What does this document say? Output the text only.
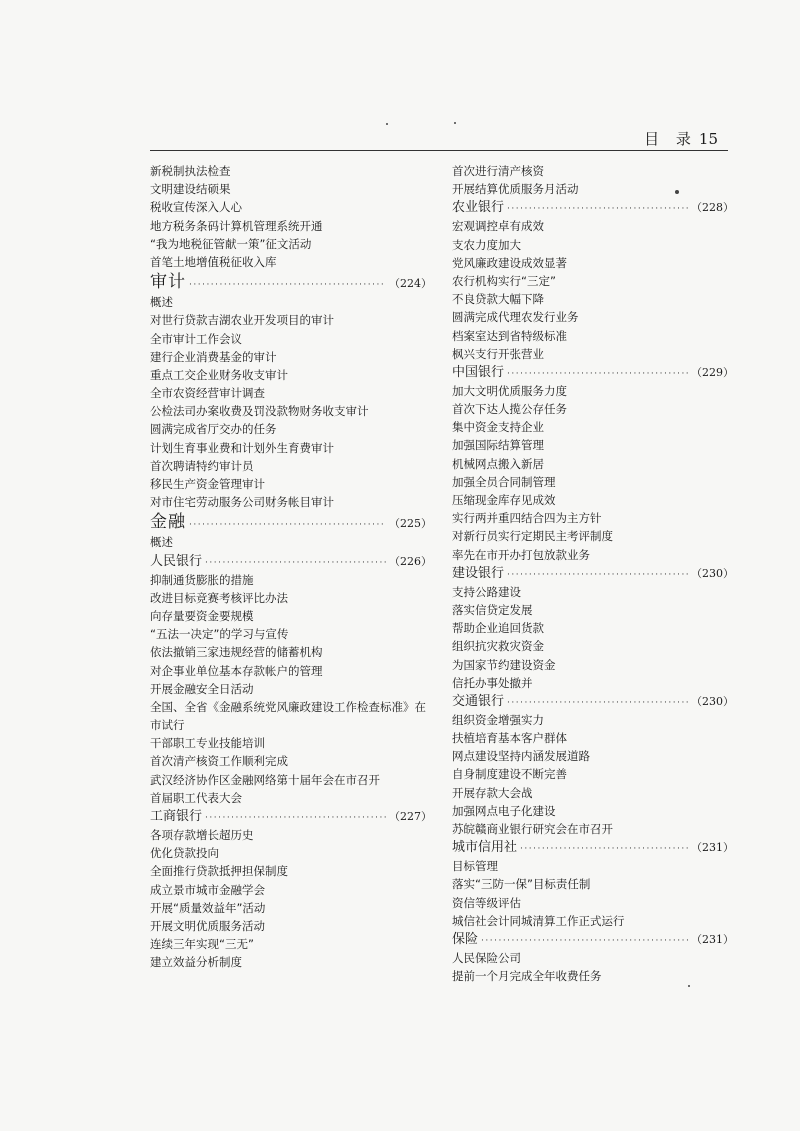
目 录 15
新税制执法检查
文明建设结硕果
税收宣传深入人心
地方税务条码计算机管理系统开通
“我为地税征管献一策”征文活动
首笔土地增值税征收入库
审计 ·····	（224）
概述
对世行贷款吉湖农业开发项目的审计
全市审计工作会议
建行企业消费基金的审计
重点工交企业财务收支审计
全市农资经营审计调查
公检法司办案收费及罚没款物财务收支审计
圆满完成省厅交办的任务
计划生育事业费和计划外生育费审计
首次聘请特约审计员
移民生产资金管理审计
对市住宅劳动服务公司财务帐目审计
金融 ·····	（225）
概述
人民银行 ·····	（226）
抑制通货膨胀的措施
改进目标竞赛考核评比办法
向存量要资金要规模
“五法一决定”的学习与宣传
依法撤销三家违规经营的储蓄机构
对企事业单位基本存款帐户的管理
开展金融安全日活动
全国、全省《金融系统党风廉政建设工作检查标准》在
市试行
干部职工专业技能培训
首次清产核资工作顺利完成
武汉经济协作区金融网络第十届年会在市召开
首届职工代表大会
工商银行 ·····	（227）
各项存款增长超历史
优化贷款投向
全面推行贷款抵押担保制度
成立景市城市金融学会
开展“质量效益年”活动
开展文明优质服务活动
连续三年实现“三无”
建立效益分析制度
首次进行清产核资
开展结算优质服务月活动
农业银行 ·····	（228）
宏观调控卓有成效
支农力度加大
党风廉政建设成效显著
农行机构实行“三定”
不良贷款大幅下降
圆满完成代理农发行业务
档案室达到省特级标准
枫兴支行开张营业
中国银行 ·····	（229）
加大文明优质服务力度
首次下达人揽公存任务
集中资金支持企业
加强国际结算管理
机械网点搬入新居
加强全员合同制管理
压缩现金库存见成效
实行两并重四结合四为主方针
对新行员实行定期民主考评制度
率先在市开办打包放款业务
建设银行 ·····	（230）
支持公路建设
落实信贷定发展
帮助企业追回货款
组织抗灾救灾资金
为国家节约建设资金
信托办事处撤并
交通银行 ·····	（230）
组织资金增强实力
扶植培育基本客户群体
网点建设坚持内涵发展道路
自身制度建设不断完善
开展存款大会战
加强网点电子化建设
苏皖赣商业银行研究会在市召开
城市信用社 ·····	（231）
目标管理
落实“三防一保”目标责任制
资信等级评估
城信社会计同城清算工作正式运行
保险 ·····	（231）
人民保险公司
提前一个月完成全年收费任务
